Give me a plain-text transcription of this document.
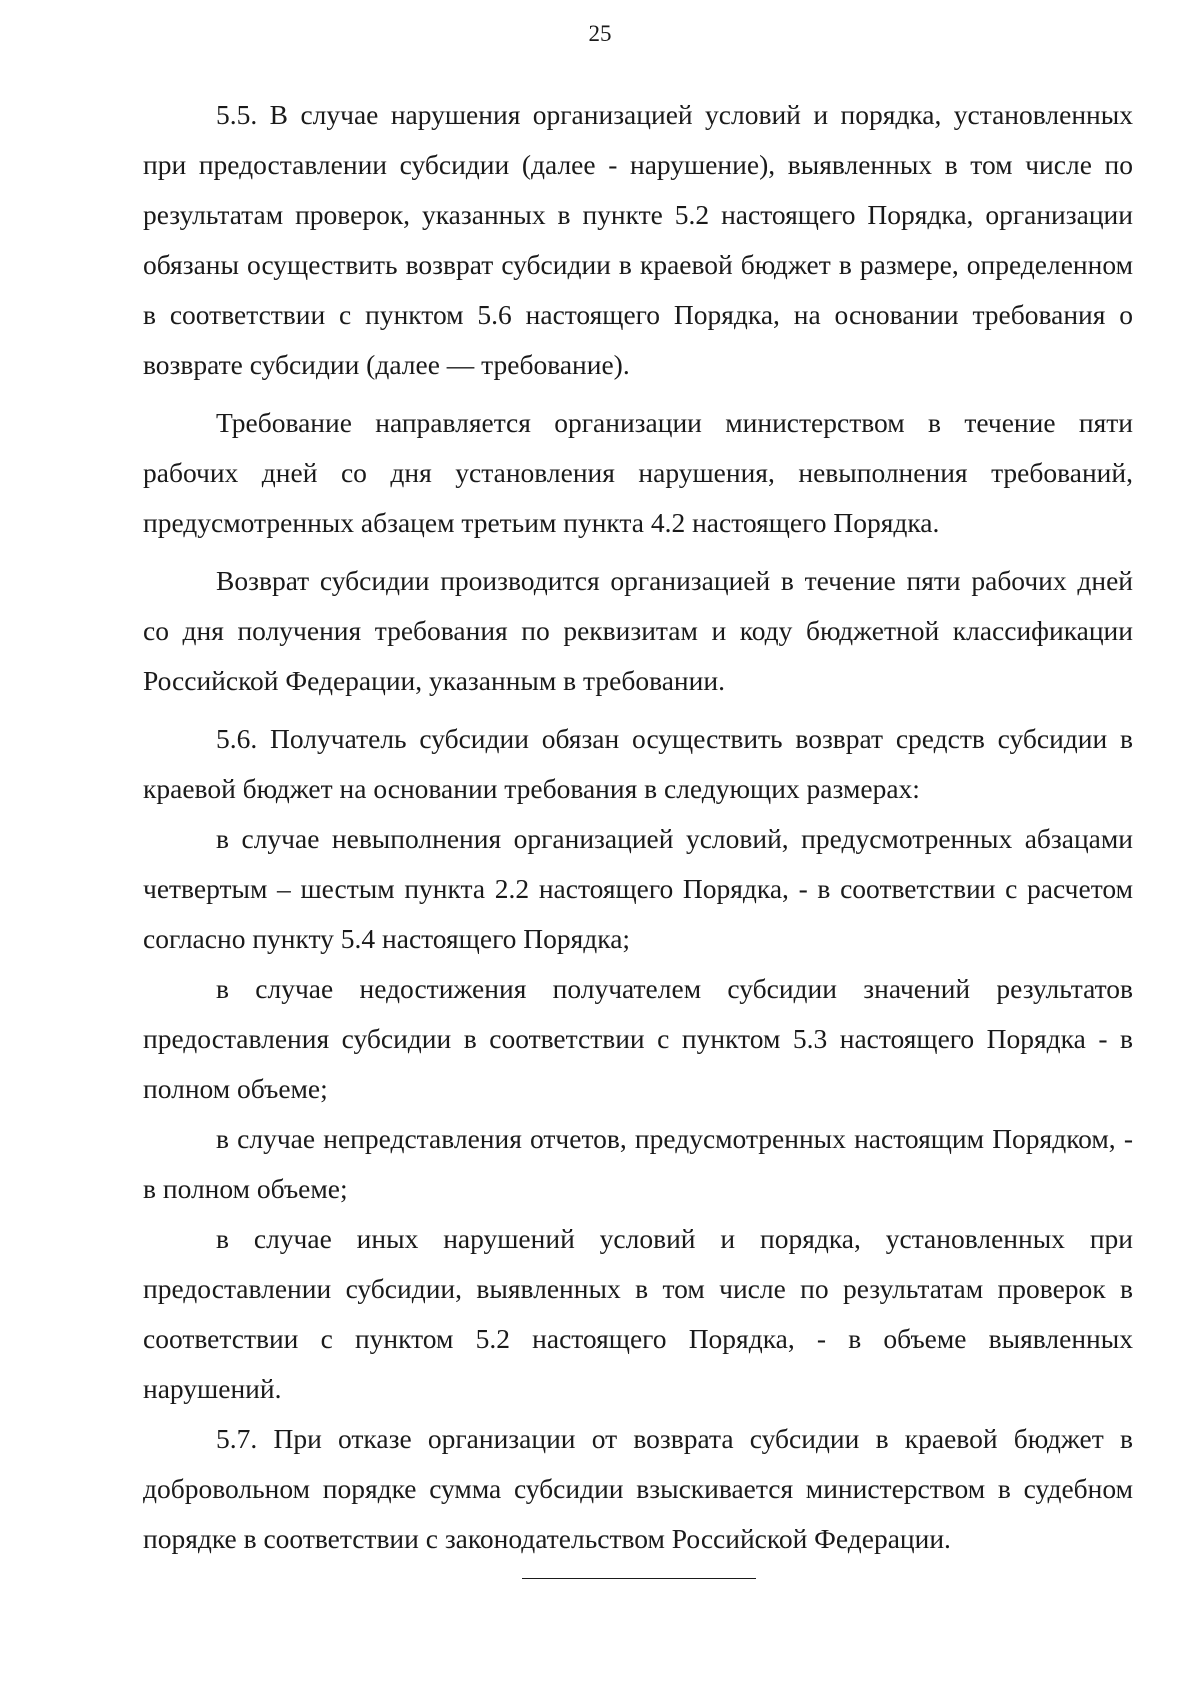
25

5.5. В случае нарушения организацией условий и порядка, установленных при предоставлении субсидии (далее - нарушение), выявленных в том числе по результатам проверок, указанных в пункте 5.2 настоящего Порядка, организации обязаны осуществить возврат субсидии в краевой бюджет в размере, определенном в соответствии с пунктом 5.6 настоящего Порядка, на основании требования о возврате субсидии (далее — требование).

Требование направляется организации министерством в течение пяти рабочих дней со дня установления нарушения, невыполнения требований, предусмотренных абзацем третьим пункта 4.2 настоящего Порядка.

Возврат субсидии производится организацией в течение пяти рабочих дней со дня получения требования по реквизитам и коду бюджетной классификации Российской Федерации, указанным в требовании.

5.6. Получатель субсидии обязан осуществить возврат средств субсидии в краевой бюджет на основании требования в следующих размерах:

в случае невыполнения организацией условий, предусмотренных абзацами четвертым – шестым пункта 2.2 настоящего Порядка, - в соответствии с расчетом согласно пункту 5.4 настоящего Порядка;

в случае недостижения получателем субсидии значений результатов предоставления субсидии в соответствии с пунктом 5.3 настоящего Порядка - в полном объеме;

в случае непредставления отчетов, предусмотренных настоящим Порядком, - в полном объеме;

в случае иных нарушений условий и порядка, установленных при предоставлении субсидии, выявленных в том числе по результатам проверок в соответствии с пунктом 5.2 настоящего Порядка, - в объеме выявленных нарушений.

5.7. При отказе организации от возврата субсидии в краевой бюджет в добровольном порядке сумма субсидии взыскивается министерством в судебном порядке в соответствии с законодательством Российской Федерации.
